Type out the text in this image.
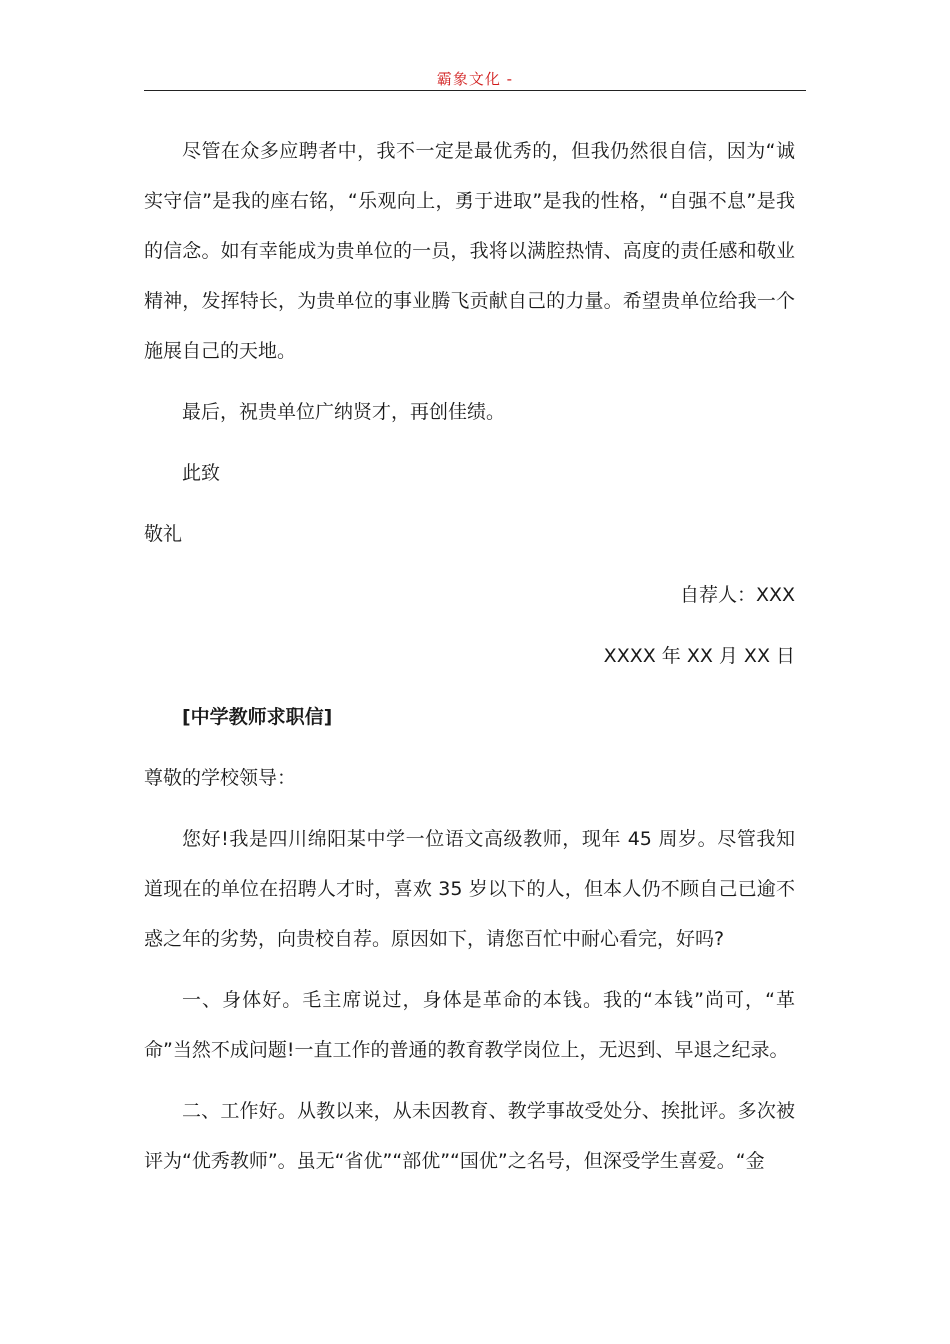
霸象文化 -

尽管在众多应聘者中，我不一定是最优秀的，但我仍然很自信，因为“诚实守信”是我的座右铭，“乐观向上，勇于进取”是我的性格，“自强不息”是我的信念。如有幸能成为贵单位的一员，我将以满腔热情、高度的责任感和敬业精神，发挥特长，为贵单位的事业腾飞贡献自己的力量。希望贵单位给我一个施展自己的天地。

最后，祝贵单位广纳贤才，再创佳绩。

此致

敬礼

自荐人：XXX

XXXX 年 XX 月 XX 日

[中学教师求职信]

尊敬的学校领导：

您好!我是四川绵阳某中学一位语文高级教师，现年 45 周岁。尽管我知道现在的单位在招聘人才时，喜欢 35 岁以下的人，但本人仍不顾自己已逾不惑之年的劣势，向贵校自荐。原因如下，请您百忙中耐心看完，好吗?

一、身体好。毛主席说过，身体是革命的本钱。我的“本钱”尚可，“革命”当然不成问题!一直工作的普通的教育教学岗位上，无迟到、早退之纪录。

二、工作好。从教以来，从未因教育、教学事故受处分、挨批评。多次被评为“优秀教师”。虽无“省优”“部优”“国优”之名号，但深受学生喜爱。“金
